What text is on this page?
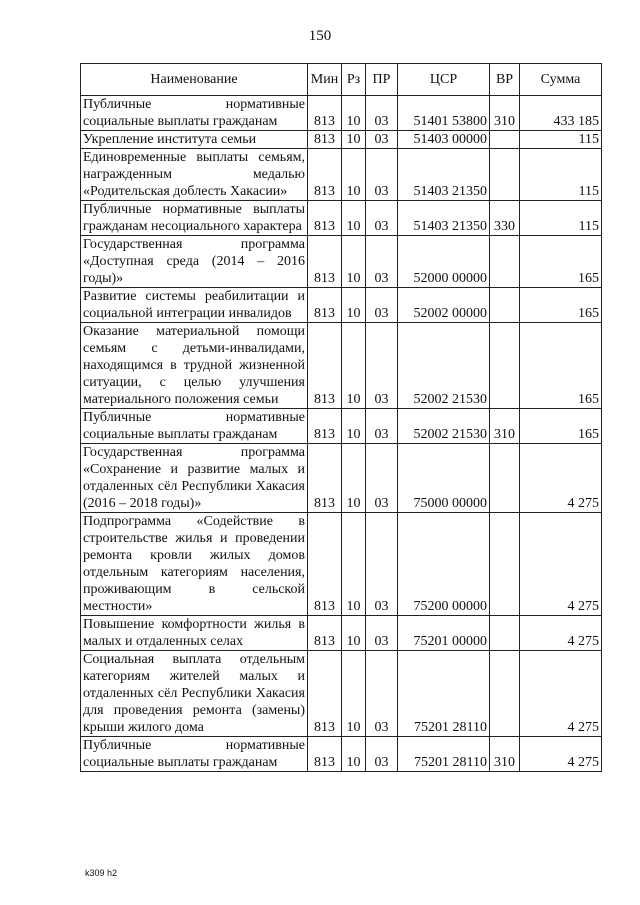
150
Наименование	Мин	Рз	ПР	ЦСР	ВР	Сумма
Публичные нормативные социальные выплаты гражданам	813	10	03	51401 53800	310	433 185
Укрепление института семьи	813	10	03	51403 00000		115
Единовременные выплаты семьям, награжденным медалью «Родительская доблесть Хакасии»	813	10	03	51403 21350		115
Публичные нормативные выплаты гражданам несоциального характера	813	10	03	51403 21350	330	115
Государственная программа «Доступная среда (2014 – 2016 годы)»	813	10	03	52000 00000		165
Развитие системы реабилитации и социальной интеграции инвалидов	813	10	03	52002 00000		165
Оказание материальной помощи семьям с детьми-инвалидами, находящимся в трудной жизненной ситуации, с целью улучшения материального положения семьи	813	10	03	52002 21530		165
Публичные нормативные социальные выплаты гражданам	813	10	03	52002 21530	310	165
Государственная программа «Сохранение и развитие малых и отдаленных сёл Республики Хакасия (2016 – 2018 годы)»	813	10	03	75000 00000		4 275
Подпрограмма «Содействие в строительстве жилья и проведении ремонта кровли жилых домов отдельным категориям населения, проживающим в сельской местности»	813	10	03	75200 00000		4 275
Повышение комфортности жилья в малых и отдаленных селах	813	10	03	75201 00000		4 275
Социальная выплата отдельным категориям жителей малых и отдаленных сёл Республики Хакасия для проведения ремонта (замены) крыши жилого дома	813	10	03	75201 28110		4 275
Публичные нормативные социальные выплаты гражданам	813	10	03	75201 28110	310	4 275
k309 h2
